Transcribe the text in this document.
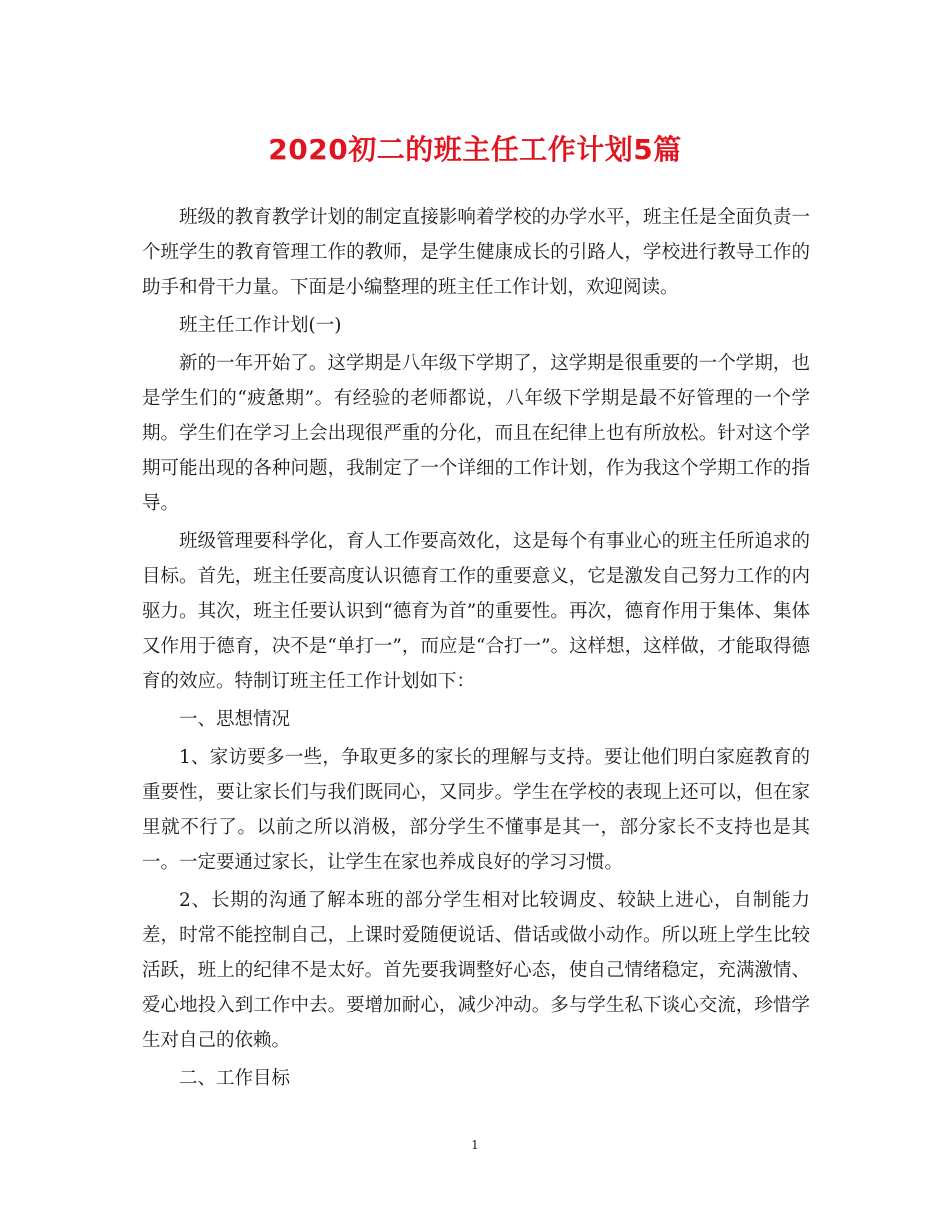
2020初二的班主任工作计划5篇

班级的教育教学计划的制定直接影响着学校的办学水平，班主任是全面负责一个班学生的教育管理工作的教师，是学生健康成长的引路人，学校进行教导工作的助手和骨干力量。下面是小编整理的班主任工作计划，欢迎阅读。

班主任工作计划(一)

新的一年开始了。这学期是八年级下学期了，这学期是很重要的一个学期，也是学生们的“疲惫期”。有经验的老师都说，八年级下学期是最不好管理的一个学期。学生们在学习上会出现很严重的分化，而且在纪律上也有所放松。针对这个学期可能出现的各种问题，我制定了一个详细的工作计划，作为我这个学期工作的指导。

班级管理要科学化，育人工作要高效化，这是每个有事业心的班主任所追求的目标。首先，班主任要高度认识德育工作的重要意义，它是激发自己努力工作的内驱力。其次，班主任要认识到“德育为首”的重要性。再次，德育作用于集体、集体又作用于德育，决不是“单打一”，而应是“合打一”。这样想，这样做，才能取得德育的效应。特制订班主任工作计划如下：

一、思想情况

1、家访要多一些，争取更多的家长的理解与支持。要让他们明白家庭教育的重要性，要让家长们与我们既同心，又同步。学生在学校的表现上还可以，但在家里就不行了。以前之所以消极，部分学生不懂事是其一，部分家长不支持也是其一。一定要通过家长，让学生在家也养成良好的学习习惯。

2、长期的沟通了解本班的部分学生相对比较调皮、较缺上进心，自制能力差，时常不能控制自己，上课时爱随便说话、借话或做小动作。所以班上学生比较活跃，班上的纪律不是太好。首先要我调整好心态，使自己情绪稳定，充满激情、爱心地投入到工作中去。要增加耐心，减少冲动。多与学生私下谈心交流，珍惜学生对自己的依赖。

二、工作目标

1
